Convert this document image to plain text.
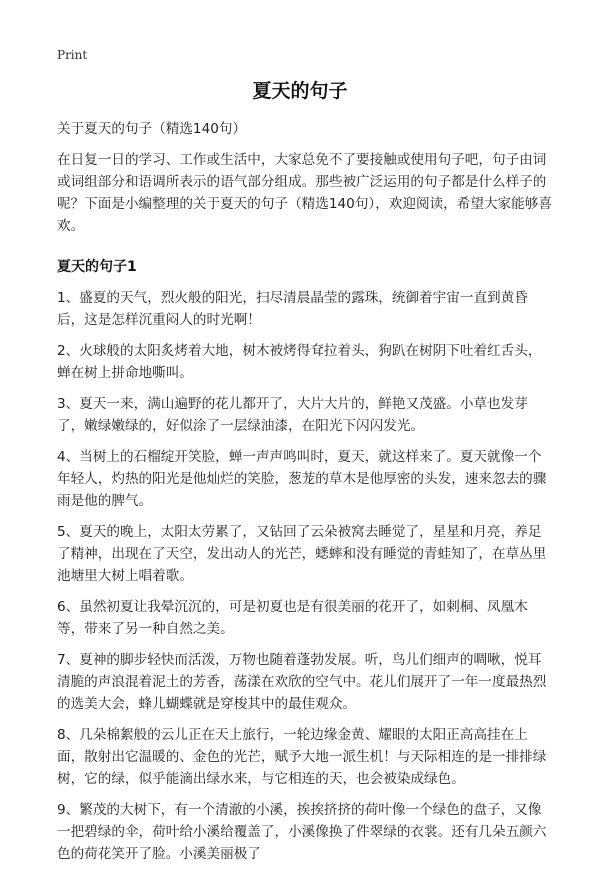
Print
夏天的句子

关于夏天的句子（精选140句）

在日复一日的学习、工作或生活中，大家总免不了要接触或使用句子吧，句子由词或词组部分和语调所表示的语气部分组成。那些被广泛运用的句子都是什么样子的呢？下面是小编整理的关于夏天的句子（精选140句），欢迎阅读，希望大家能够喜欢。

夏天的句子1

1、盛夏的天气，烈火般的阳光，扫尽清晨晶莹的露珠，统御着宇宙一直到黄昏后，这是怎样沉重闷人的时光啊！

2、火球般的太阳炙烤着大地，树木被烤得耷拉着头，狗趴在树阴下吐着红舌头，蝉在树上拼命地嘶叫。

3、夏天一来，满山遍野的花儿都开了，大片大片的，鲜艳又茂盛。小草也发芽了，嫩绿嫩绿的，好似涂了一层绿油漆，在阳光下闪闪发光。

4、当树上的石榴绽开笑脸，蝉一声声鸣叫时，夏天，就这样来了。夏天就像一个年轻人，灼热的阳光是他灿烂的笑脸，葱茏的草木是他厚密的头发，速来忽去的骤雨是他的脾气。

5、夏天的晚上，太阳太劳累了，又钻回了云朵被窝去睡觉了，星星和月亮，养足了精神，出现在了天空，发出动人的光芒，蟋蟀和没有睡觉的青蛙知了，在草丛里池塘里大树上唱着歌。

6、虽然初夏让我晕沉沉的，可是初夏也是有很美丽的花开了，如刺桐、凤凰木等，带来了另一种自然之美。

7、夏神的脚步轻快而活泼，万物也随着蓬勃发展。听，鸟儿们细声的啁啾，悦耳清脆的声浪混着泥土的芳香，荡漾在欢欣的空气中。花儿们展开了一年一度最热烈的选美大会，蜂儿蝴蝶就是穿梭其中的最佳观众。

8、几朵棉絮般的云儿正在天上旅行，一轮边缘金黄、耀眼的太阳正高高挂在上面，散射出它温暖的、金色的光芒，赋予大地一派生机！与天际相连的是一排排绿树，它的绿，似乎能滴出绿水来，与它相连的天，也会被染成绿色。

9、繁茂的大树下，有一个清澈的小溪，挨挨挤挤的荷叶像一个绿色的盘子，又像一把碧绿的伞，荷叶给小溪给覆盖了，小溪像换了件翠绿的衣裳。还有几朵五颜六色的荷花笑开了脸。小溪美丽极了
